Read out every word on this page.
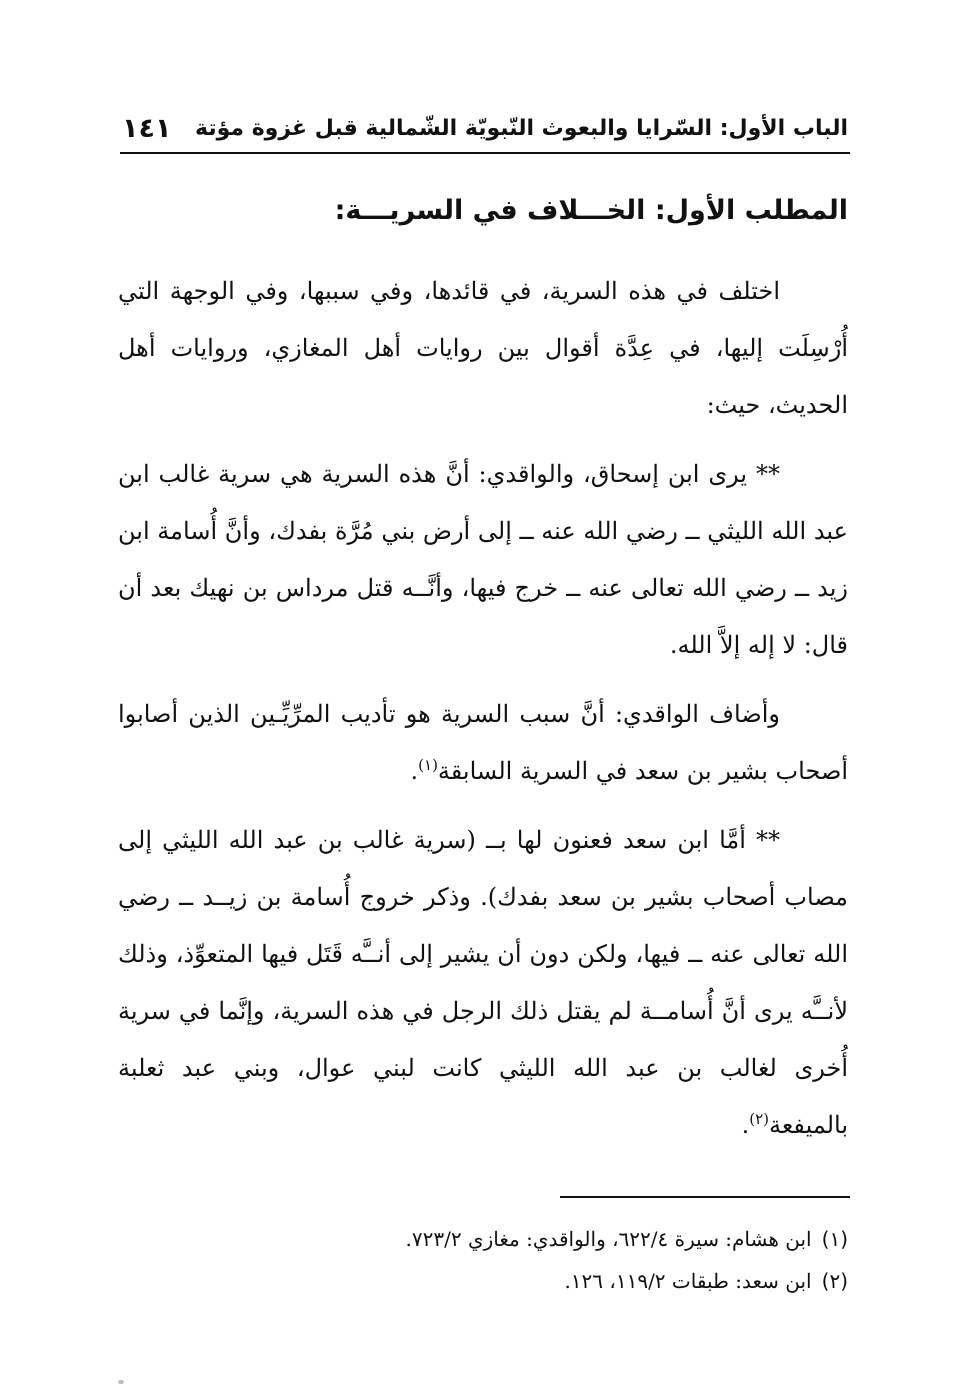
الباب الأول: السّرايا والبعوث النّبويّة الشّمالية قبل غزوة مؤتة
١٤١
المطلب الأول: الخـــلاف في السريـــة:

اختلف في هذه السرية، في قائدها، وفي سببها، وفي الوجهة التي أُرْسِلَت إليها، في عِدَّة أقوال بين روايات أهل المغازي، وروايات أهل الحديث، حيث:

** يرى ابن إسحاق، والواقدي: أنَّ هذه السرية هي سرية غالب ابن عبد الله الليثي ــ رضي الله عنه ــ إلى أرض بني مُرَّة بفدك، وأنَّ أُسامة ابن زيد ــ رضي الله تعالى عنه ــ خرج فيها، وأنَّــه قتل مرداس بن نهيك بعد أن قال: لا إله إلاَّ الله.

وأضاف الواقدي: أنَّ سبب السرية هو تأديب المرِّيِّـين الذين أصابوا أصحاب بشير بن سعد في السرية السابقة$^{(١)}$.

** أمَّا ابن سعد فعنون لها بــ (سرية غالب بن عبد الله الليثي إلى مصاب أصحاب بشير بن سعد بفدك). وذكر خروج أُسامة بن زيــد ــ رضي الله تعالى عنه ــ فيها، ولكن دون أن يشير إلى أنــَّه قَتَل فيها المتعوِّذ، وذلك لأنــَّه يرى أنَّ أُسامــة لم يقتل ذلك الرجل في هذه السرية، وإنَّما في سرية أُخرى لغالب بن عبد الله الليثي كانت لبني عوال، وبني عبد ثعلبة بالميفعة$^{(٢)}$.

(١)ابن هشام: سيرة ٦٢٢/٤، والواقدي: مغازي ٧٢٣/٢.

(٢)ابن سعد: طبقات ١١٩/٢، ١٢٦.
